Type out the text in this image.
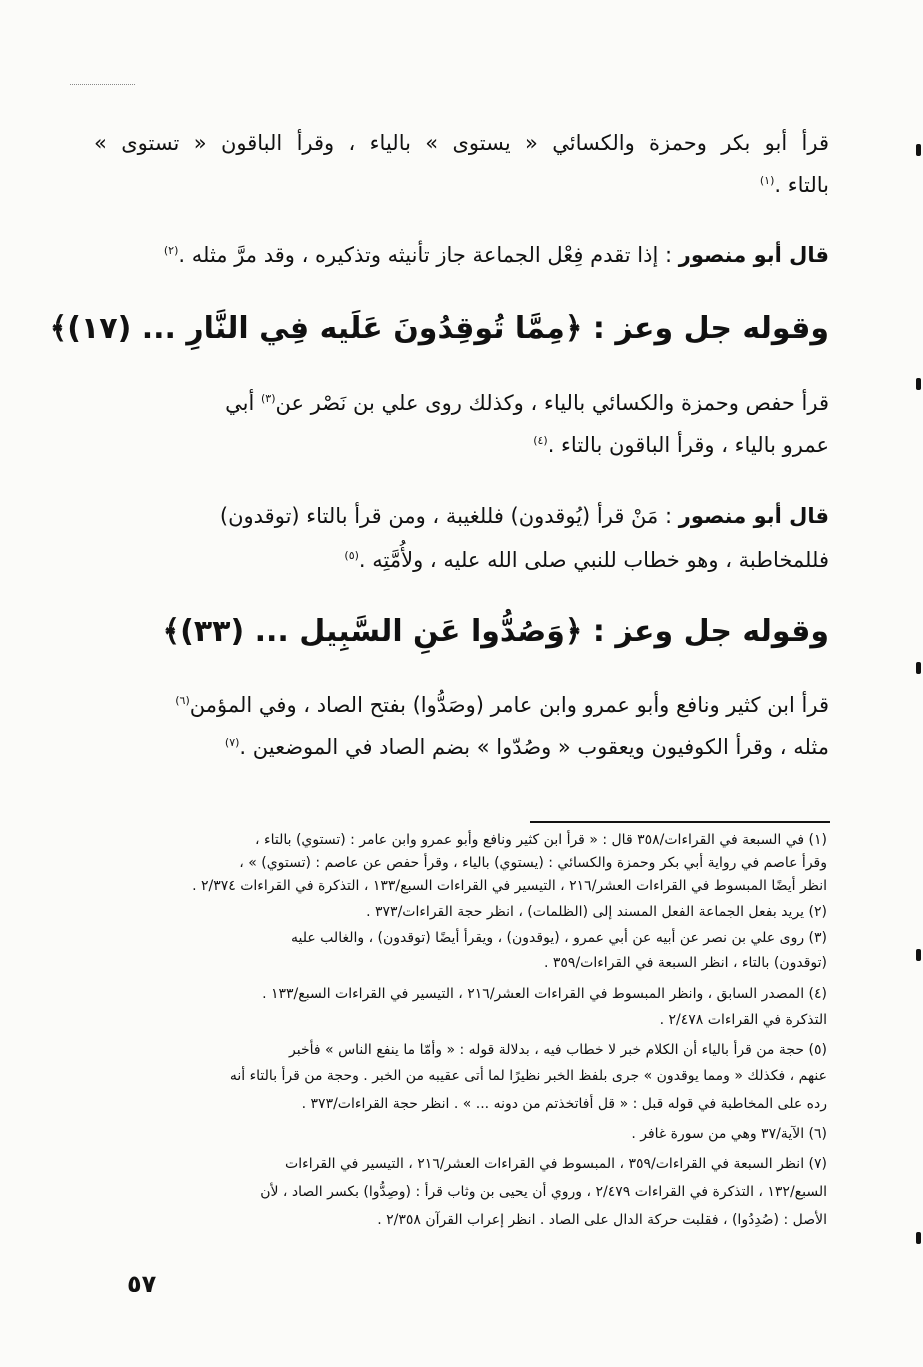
قرأ أبو بكر وحمزة والكسائي « يستوى » بالياء ، وقرأ الباقون « تستوى »
بالتاء .$^{(١)}$
قال أبو منصور : إذا تقدم فِعْل الجماعة جاز تأنيثه وتذكيره ، وقد مرَّ مثله .$^{(٢)}$
وقوله جل وعز : ﴿مِمَّا تُوقِدُونَ عَلَيه فِي النَّارِ ... (١٧)﴾
قرأ حفص وحمزة والكسائي بالياء ، وكذلك روى علي بن نَصْر عن$^{(٣)}$ أبي
عمرو بالياء ، وقرأ الباقون بالتاء .$^{(٤)}$
قال أبو منصور : مَنْ قرأ (يُوقدون) فللغيبة ، ومن قرأ بالتاء (توقدون)
فللمخاطبة ، وهو خطاب للنبي صلى الله عليه ، ولأُمَّتِه .$^{(٥)}$
وقوله جل وعز : ﴿وَصُدُّوا عَنِ السَّبِيل ... (٣٣)﴾
قرأ ابن كثير ونافع وأبو عمرو وابن عامر (وصَدُّوا) بفتح الصاد ، وفي المؤمن$^{(٦)}$
مثله ، وقرأ الكوفيون ويعقوب « وصُدّوا » بضم الصاد في الموضعين .$^{(٧)}$
(١) في السبعة في القراءات/٣٥٨ قال : « قرأ ابن كثير ونافع وأبو عمرو وابن عامر : (تستوي) بالتاء ،
وقرأ عاصم في رواية أبي بكر وحمزة والكسائي : (يستوي) بالياء ، وقرأ حفص عن عاصم : (تستوي) » ،
انظر أيضًا المبسوط في القراءات العشر/٢١٦ ، التيسير في القراءات السبع/١٣٣ ، التذكرة في القراءات ٢/٣٧٤ .
(٢) يريد بفعل الجماعة الفعل المسند إلى (الظلمات) ، انظر حجة القراءات/٣٧٣ .
(٣) روى علي بن نصر عن أبيه عن أبي عمرو ، (يوقدون) ، ويقرأ أيضًا (توقدون) ، والغالب عليه
(توقدون) بالتاء ، انظر السبعة في القراءات/٣٥٩ .
(٤) المصدر السابق ، وانظر المبسوط في القراءات العشر/٢١٦ ، التيسير في القراءات السبع/١٣٣ .
التذكرة في القراءات ٢/٤٧٨ .
(٥) حجة من قرأ بالياء أن الكلام خبر لا خطاب فيه ، بدلالة قوله : « وأمّا ما ينفع الناس » فأخبر
عنهم ، فكذلك « ومما يوقدون » جرى بلفظ الخبر نظيرًا لما أتى عقيبه من الخبر . وحجة من قرأ بالتاء أنه
رده على المخاطبة في قوله قبل : « قل أفاتخذتم من دونه ... » . انظر حجة القراءات/٣٧٣ .
(٦) الآية/٣٧ وهي من سورة غافر .
(٧) انظر السبعة في القراءات/٣٥٩ ، المبسوط في القراءات العشر/٢١٦ ، التيسير في القراءات
السبع/١٣٢ ، التذكرة في القراءات ٢/٤٧٩ ، وروي أن يحيى بن وثاب قرأ : (وصِدُّوا) بكسر الصاد ، لأن
الأصل : (صُدِدُوا) ، فقلبت حركة الدال على الصاد . انظر إعراب القرآن ٢/٣٥٨ .
٥٧
